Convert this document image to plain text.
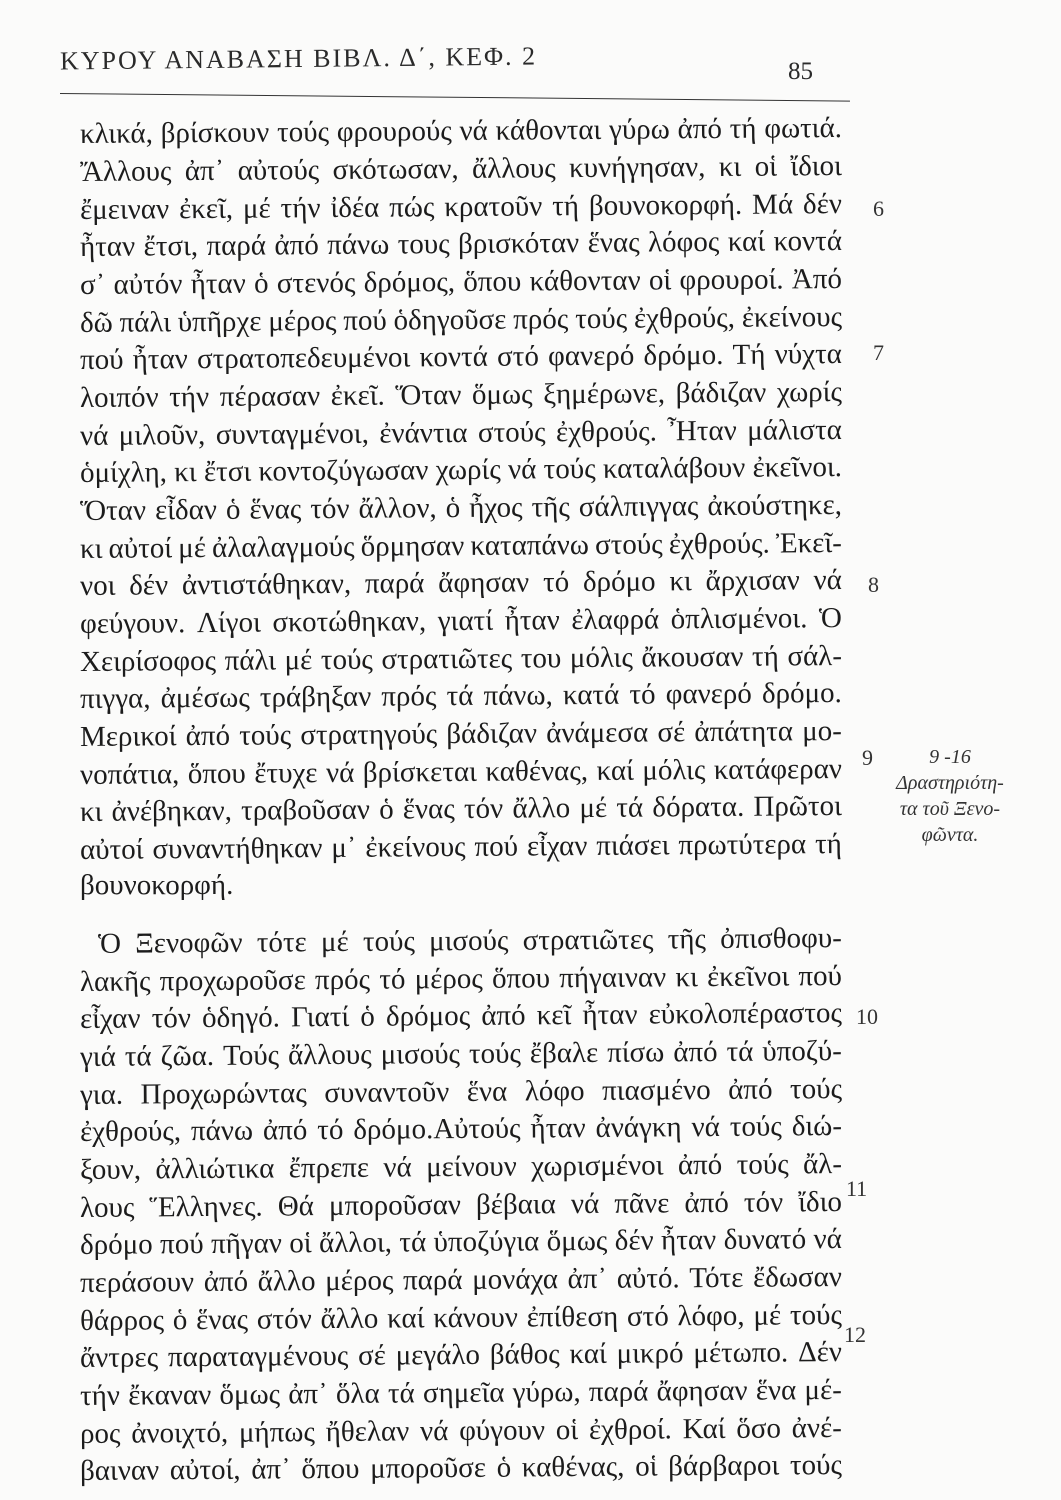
ΚΥΡΟΥ ΑΝΑΒΑΣΗ ΒΙΒΛ. Δ΄, ΚΕΦ. 2	85
κλικά, βρίσκουν τούς φρουρούς νά κάθονται γύρω ἀπό τή φωτιά.
Ἄλλους ἀπ᾿ αὐτούς σκότωσαν, ἄλλους κυνήγησαν, κι οἱ ἴδιοι
ἔμειναν ἐκεῖ, μέ τήν ἰδέα πώς κρατοῦν τή βουνοκορφή. Μά δέν
ἦταν ἔτσι, παρά ἀπό πάνω τους βρισκόταν ἕνας λόφος καί κοντά
σ᾿ αὐτόν ἦταν ὁ στενός δρόμος, ὅπου κάθονταν οἱ φρουροί. Ἀπό
δῶ πάλι ὑπῆρχε μέρος πού ὁδηγοῦσε πρός τούς ἐχθρούς, ἐκείνους
πού ἦταν στρατοπεδευμένοι κοντά στό φανερό δρόμο. Τή νύχτα
λοιπόν τήν πέρασαν ἐκεῖ. Ὅταν ὅμως ξημέρωνε, βάδιζαν χωρίς
νά μιλοῦν, συνταγμένοι, ἐνάντια στούς ἐχθρούς. Ἦταν μάλιστα
ὁμίχλη, κι ἔτσι κοντοζύγωσαν χωρίς νά τούς καταλάβουν ἐκεῖνοι.
Ὅταν εἶδαν ὁ ἕνας τόν ἄλλον, ὁ ἦχος τῆς σάλπιγγας ἀκούστηκε,
κι αὐτοί μέ ἀλαλαγμούς ὅρμησαν καταπάνω στούς ἐχθρούς. Ἐκεῖ-
νοι δέν ἀντιστάθηκαν, παρά ἄφησαν τό δρόμο κι ἄρχισαν νά
φεύγουν. Λίγοι σκοτώθηκαν, γιατί ἦταν ἐλαφρά ὁπλισμένοι. Ὁ
Χειρίσοφος πάλι μέ τούς στρατιῶτες του μόλις ἄκουσαν τή σάλ-
πιγγα, ἀμέσως τράβηξαν πρός τά πάνω, κατά τό φανερό δρόμο.
Μερικοί ἀπό τούς στρατηγούς βάδιζαν ἀνάμεσα σέ ἀπάτητα μο-
νοπάτια, ὅπου ἔτυχε νά βρίσκεται καθένας, καί μόλις κατάφεραν
κι ἀνέβηκαν, τραβοῦσαν ὁ ἕνας τόν ἄλλο μέ τά δόρατα. Πρῶτοι
αὐτοί συναντήθηκαν μ᾿ ἐκείνους πού εἶχαν πιάσει πρωτύτερα τή
βουνοκορφή.
Ὁ Ξενοφῶν τότε μέ τούς μισούς στρατιῶτες τῆς ὀπισθοφυ-
λακῆς προχωροῦσε πρός τό μέρος ὅπου πήγαιναν κι ἐκεῖνοι πού
εἶχαν τόν ὁδηγό. Γιατί ὁ δρόμος ἀπό κεῖ ἦταν εὐκολοπέραστος
γιά τά ζῶα. Τούς ἄλλους μισούς τούς ἔβαλε πίσω ἀπό τά ὑποζύ-
για. Προχωρώντας συναντοῦν ἕνα λόφο πιασμένο ἀπό τούς
ἐχθρούς, πάνω ἀπό τό δρόμο.Αὐτούς ἦταν ἀνάγκη νά τούς διώ-
ξουν, ἀλλιώτικα ἔπρεπε νά μείνουν χωρισμένοι ἀπό τούς ἄλ-
λους Ἕλληνες. Θά μποροῦσαν βέβαια νά πᾶνε ἀπό τόν ἴδιο
δρόμο πού πῆγαν οἱ ἄλλοι, τά ὑποζύγια ὅμως δέν ἦταν δυνατό νά
περάσουν ἀπό ἄλλο μέρος παρά μονάχα ἀπ᾿ αὐτό. Τότε ἔδωσαν
θάρρος ὁ ἕνας στόν ἄλλο καί κάνουν ἐπίθεση στό λόφο, μέ τούς
ἄντρες παραταγμένους σέ μεγάλο βάθος καί μικρό μέτωπο. Δέν
τήν ἔκαναν ὅμως ἀπ᾿ ὅλα τά σημεῖα γύρω, παρά ἄφησαν ἕνα μέ-
ρος ἀνοιχτό, μήπως ἤθελαν νά φύγουν οἱ ἐχθροί. Καί ὅσο ἀνέ-
βαιναν αὐτοί, ἀπ᾿ ὅπου μποροῦσε ὁ καθένας, οἱ βάρβαροι τούς
6
7
8
9
10
11
12
9 -16
Δραστηριότη-
τα τοῦ Ξενο-
φῶντα.
